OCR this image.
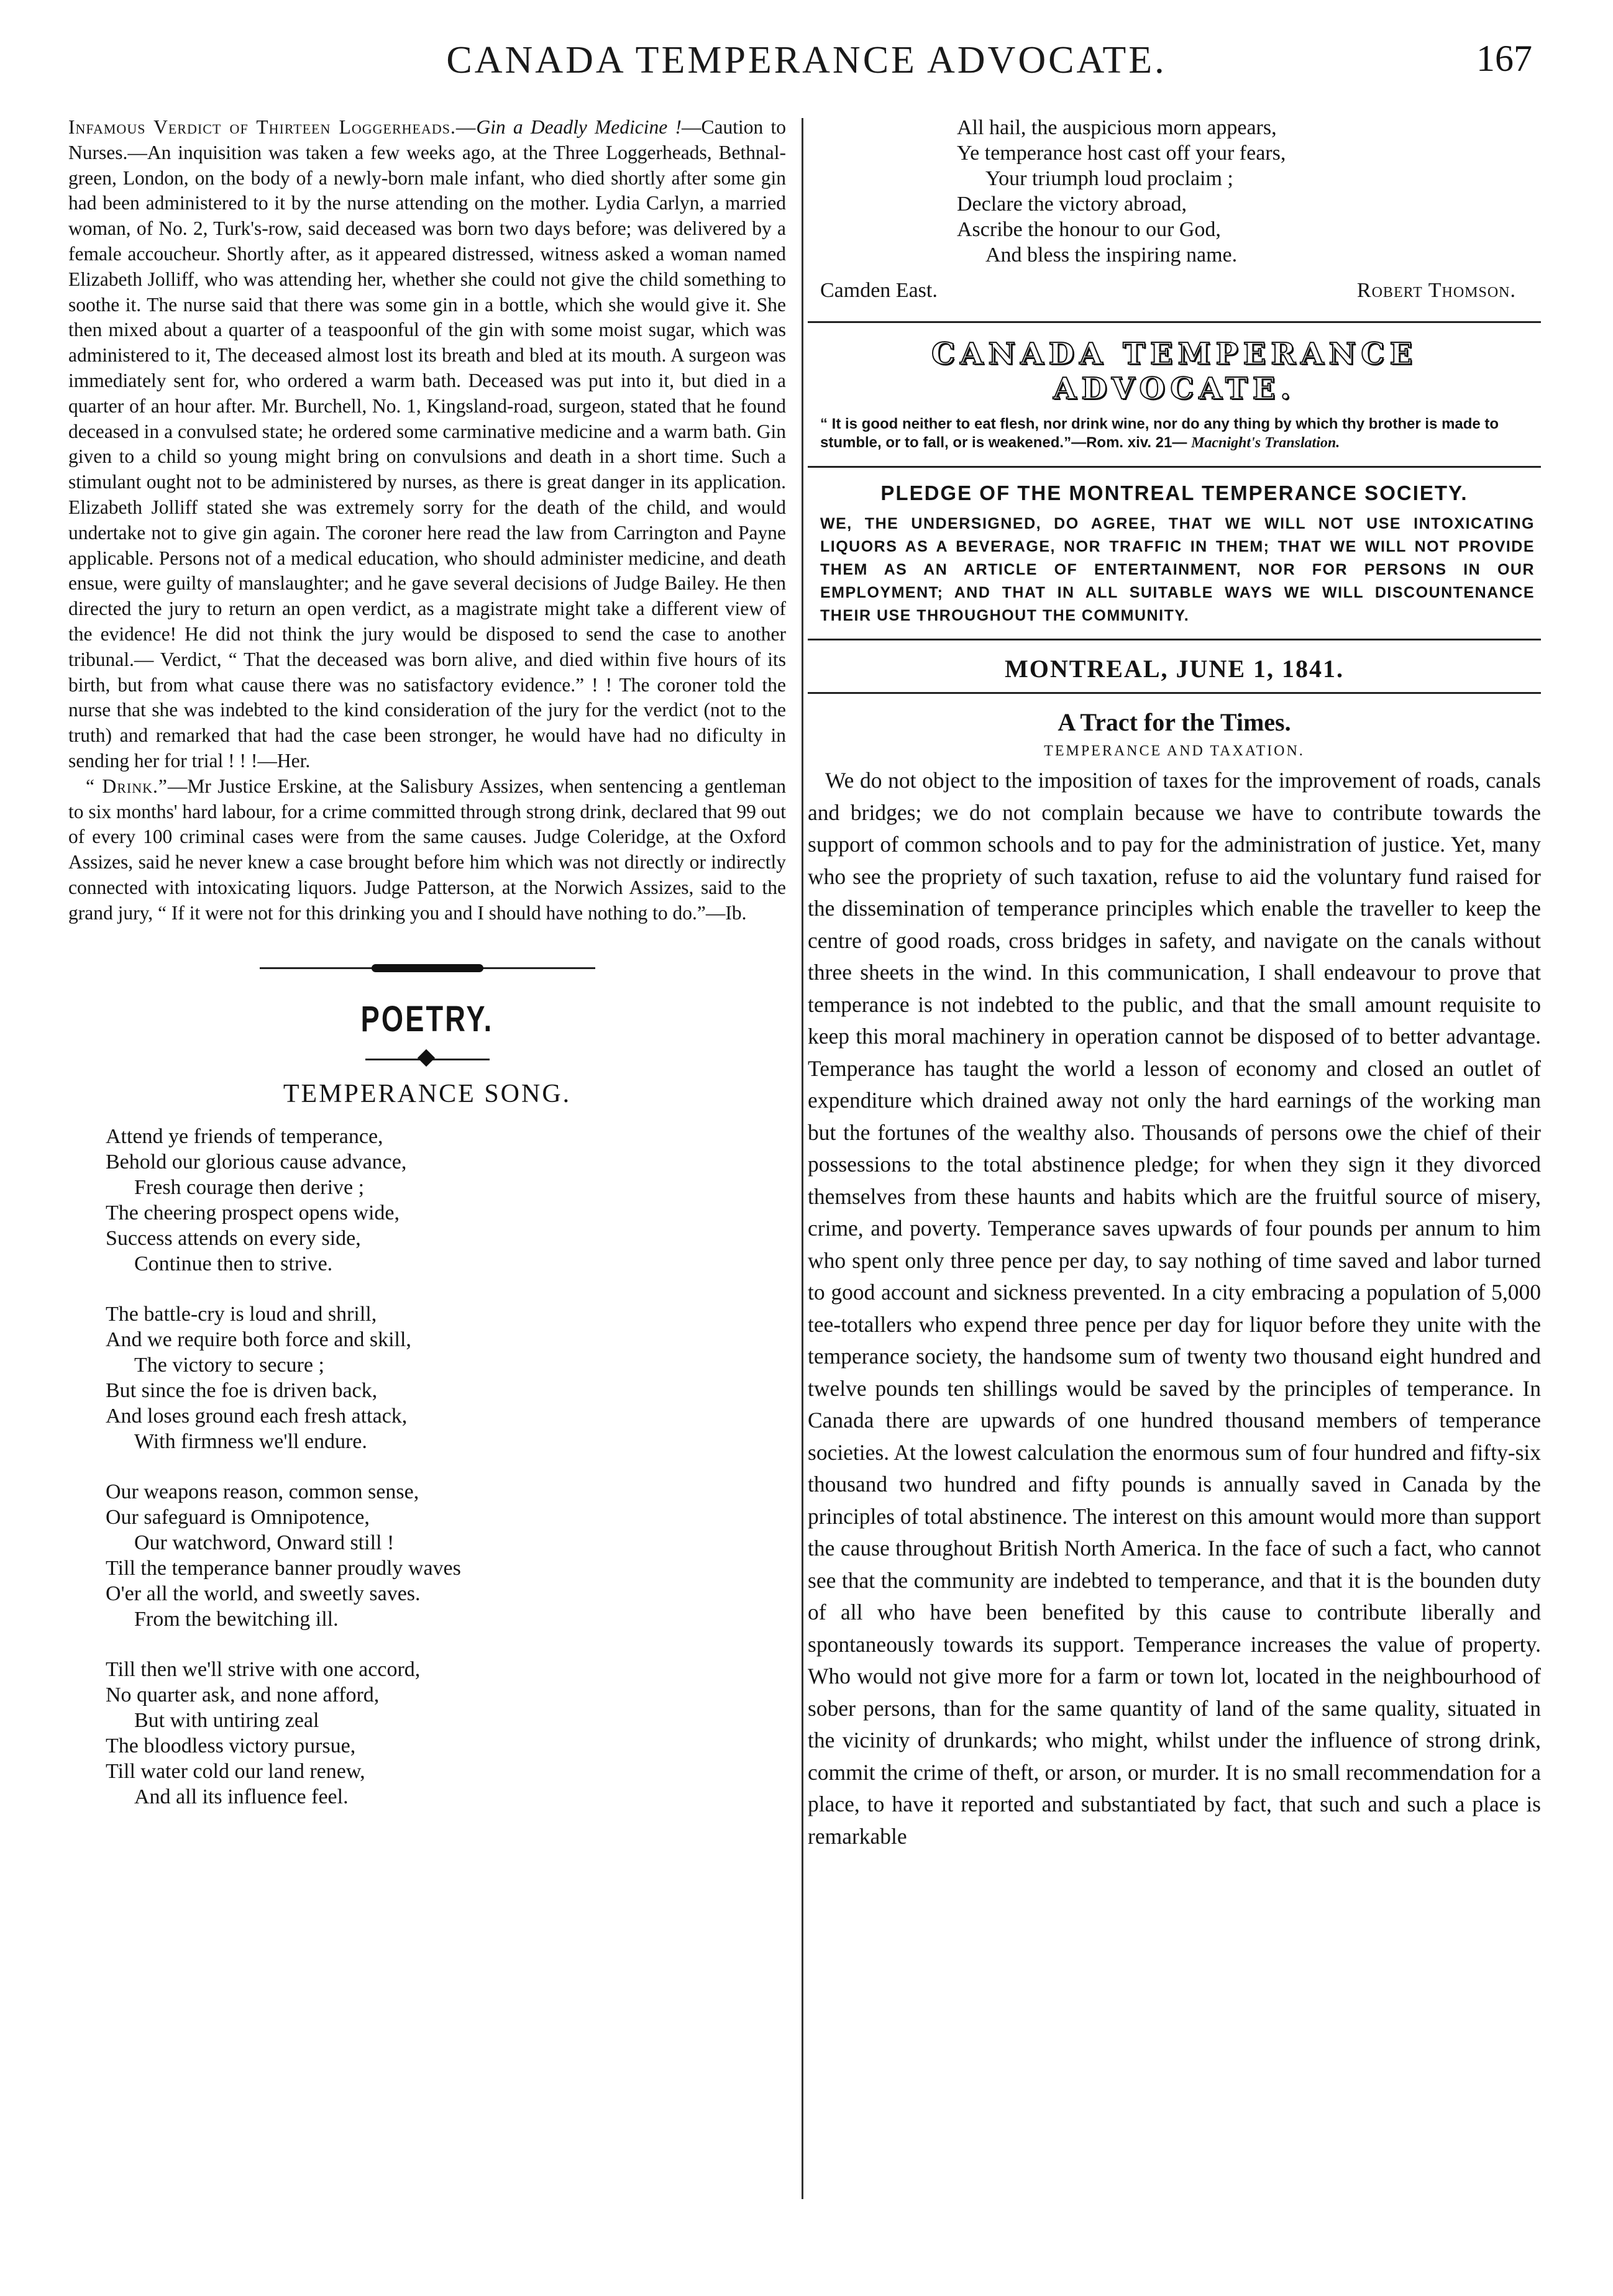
CANADA TEMPERANCE ADVOCATE.	167
Infamous Verdict of Thirteen Loggerheads.—Gin a Deadly Medicine !—Caution to Nurses.—An inquisition was taken a few weeks ago, at the Three Loggerheads, Bethnal-green, London, on the body of a newly-born male infant, who died shortly after some gin had been administered to it by the nurse attending on the mother. Lydia Carlyn, a married woman, of No. 2, Turk's-row, said deceased was born two days before; was delivered by a female accoucheur. Shortly after, as it appeared distressed, witness asked a woman named Elizabeth Jolliff, who was attending her, whether she could not give the child something to soothe it. The nurse said that there was some gin in a bottle, which she would give it. She then mixed about a quarter of a teaspoonful of the gin with some moist sugar, which was administered to it, The deceased almost lost its breath and bled at its mouth. A surgeon was immediately sent for, who ordered a warm bath. Deceased was put into it, but died in a quarter of an hour after. Mr. Burchell, No. 1, Kingsland-road, surgeon, stated that he found deceased in a convulsed state; he ordered some carminative medicine and a warm bath. Gin given to a child so young might bring on convulsions and death in a short time. Such a stimulant ought not to be administered by nurses, as there is great danger in its application. Elizabeth Jolliff stated she was extremely sorry for the death of the child, and would undertake not to give gin again. The coroner here read the law from Carrington and Payne applicable. Persons not of a medical education, who should administer medicine, and death ensue, were guilty of manslaughter; and he gave several decisions of Judge Bailey. He then directed the jury to return an open verdict, as a magistrate might take a different view of the evidence! He did not think the jury would be disposed to send the case to another tribunal.— Verdict, “ That the deceased was born alive, and died within five hours of its birth, but from what cause there was no satisfactory evidence.” ! ! The coroner told the nurse that she was indebted to the kind consideration of the jury for the verdict (not to the truth) and remarked that had the case been stronger, he would have had no dificulty in sending her for trial ! ! !—Her.
“ Drink.”—Mr Justice Erskine, at the Salisbury Assizes, when sentencing a gentleman to six months' hard labour, for a crime committed through strong drink, declared that 99 out of every 100 criminal cases were from the same causes. Judge Coleridge, at the Oxford Assizes, said he never knew a case brought before him which was not directly or indirectly connected with intoxicating liquors. Judge Patterson, at the Norwich Assizes, said to the grand jury, “ If it were not for this drinking you and I should have nothing to do.”—Ib.
POETRY.
TEMPERANCE SONG.
Attend ye friends of temperance,
Behold our glorious cause advance,
Fresh courage then derive ;
The cheering prospect opens wide,
Success attends on every side,
Continue then to strive.
The battle-cry is loud and shrill,
And we require both force and skill,
The victory to secure ;
But since the foe is driven back,
And loses ground each fresh attack,
With firmness we'll endure.
Our weapons reason, common sense,
Our safeguard is Omnipotence,
Our watchword, Onward still !
Till the temperance banner proudly waves
O'er all the world, and sweetly saves.
From the bewitching ill.
Till then we'll strive with one accord,
No quarter ask, and none afford,
But with untiring zeal
The bloodless victory pursue,
Till water cold our land renew,
And all its influence feel.
All hail, the auspicious morn appears,
Ye temperance host cast off your fears,
Your triumph loud proclaim ;
Declare the victory abroad,
Ascribe the honour to our God,
And bless the inspiring name.
Camden East.	Robert Thomson.
CANADA TEMPERANCE ADVOCATE.
“ It is good neither to eat flesh, nor drink wine, nor do any thing by which thy brother is made to stumble, or to fall, or is weakened.”—Rom. xiv. 21— Macnight's Translation.
PLEDGE OF THE MONTREAL TEMPERANCE SOCIETY.
WE, THE UNDERSIGNED, DO AGREE, THAT WE WILL NOT USE INTOXICATING LIQUORS AS A BEVERAGE, NOR TRAFFIC IN THEM; THAT WE WILL NOT PROVIDE THEM AS AN ARTICLE OF ENTERTAINMENT, NOR FOR PERSONS IN OUR EMPLOYMENT; AND THAT IN ALL SUITABLE WAYS WE WILL DISCOUNTENANCE THEIR USE THROUGHOUT THE COMMUNITY.
MONTREAL, JUNE 1, 1841.
A Tract for the Times.
TEMPERANCE AND TAXATION.
We do not object to the imposition of taxes for the improvement of roads, canals and bridges; we do not complain because we have to contribute towards the support of common schools and to pay for the administration of justice. Yet, many who see the propriety of such taxation, refuse to aid the voluntary fund raised for the dissemination of temperance principles which enable the traveller to keep the centre of good roads, cross bridges in safety, and navigate on the canals without three sheets in the wind. In this communication, I shall endeavour to prove that temperance is not indebted to the public, and that the small amount requisite to keep this moral machinery in operation cannot be disposed of to better advantage. Temperance has taught the world a lesson of economy and closed an outlet of expenditure which drained away not only the hard earnings of the working man but the fortunes of the wealthy also. Thousands of persons owe the chief of their possessions to the total abstinence pledge; for when they sign it they divorced themselves from these haunts and habits which are the fruitful source of misery, crime, and poverty. Temperance saves upwards of four pounds per annum to him who spent only three pence per day, to say nothing of time saved and labor turned to good account and sickness prevented. In a city embracing a population of 5,000 tee-totallers who expend three pence per day for liquor before they unite with the temperance society, the handsome sum of twenty two thousand eight hundred and twelve pounds ten shillings would be saved by the principles of temperance. In Canada there are upwards of one hundred thousand members of temperance societies. At the lowest calculation the enormous sum of four hundred and fifty-six thousand two hundred and fifty pounds is annually saved in Canada by the principles of total abstinence. The interest on this amount would more than support the cause throughout British North America. In the face of such a fact, who cannot see that the community are indebted to temperance, and that it is the bounden duty of all who have been benefited by this cause to contribute liberally and spontaneously towards its support. Temperance increases the value of property. Who would not give more for a farm or town lot, located in the neighbourhood of sober persons, than for the same quantity of land of the same quality, situated in the vicinity of drunkards; who might, whilst under the influence of strong drink, commit the crime of theft, or arson, or murder. It is no small recommendation for a place, to have it reported and substantiated by fact, that such and such a place is remarkable
